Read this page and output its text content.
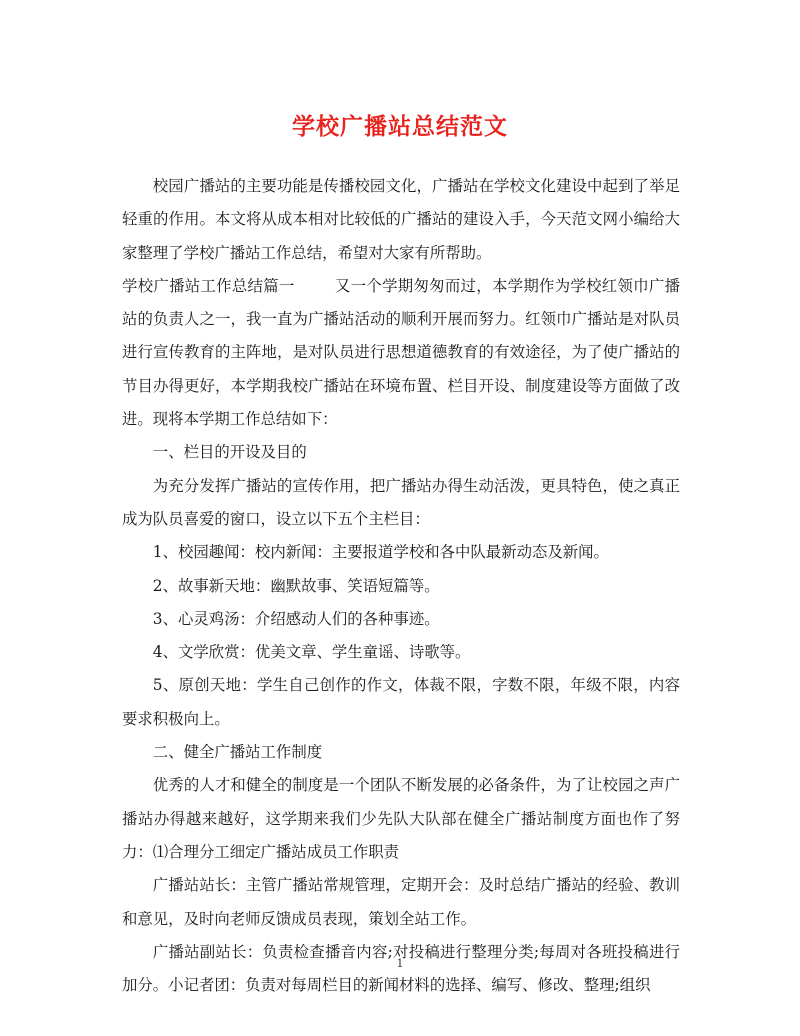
学校广播站总结范文

校园广播站的主要功能是传播校园文化，广播站在学校文化建设中起到了举足轻重的作用。本文将从成本相对比较低的广播站的建设入手，今天范文网小编给大家整理了学校广播站工作总结，希望对大家有所帮助。

学校广播站工作总结篇一	又一个学期匆匆而过，本学期作为学校红领巾广播站的负责人之一，我一直为广播站活动的顺利开展而努力。红领巾广播站是对队员进行宣传教育的主阵地，是对队员进行思想道德教育的有效途径，为了使广播站的节目办得更好，本学期我校广播站在环境布置、栏目开设、制度建设等方面做了改进。现将本学期工作总结如下：

一、栏目的开设及目的

为充分发挥广播站的宣传作用，把广播站办得生动活泼，更具特色，使之真正成为队员喜爱的窗口，设立以下五个主栏目：

1、校园趣闻：校内新闻：主要报道学校和各中队最新动态及新闻。

2、故事新天地：幽默故事、笑语短篇等。

3、心灵鸡汤：介绍感动人们的各种事迹。

4、文学欣赏：优美文章、学生童谣、诗歌等。

5、原创天地：学生自己创作的作文，体裁不限，字数不限，年级不限，内容要求积极向上。

二、健全广播站工作制度

优秀的人才和健全的制度是一个团队不断发展的必备条件，为了让校园之声广播站办得越来越好，这学期来我们少先队大队部在健全广播站制度方面也作了努力：⑴合理分工细定广播站成员工作职责

广播站站长：主管广播站常规管理，定期开会：及时总结广播站的经验、教训和意见，及时向老师反馈成员表现，策划全站工作。

广播站副站长：负责检查播音内容;对投稿进行整理分类;每周对各班投稿进行加分。小记者团：负责对每周栏目的新闻材料的选择、编写、修改、整理;组织

1
